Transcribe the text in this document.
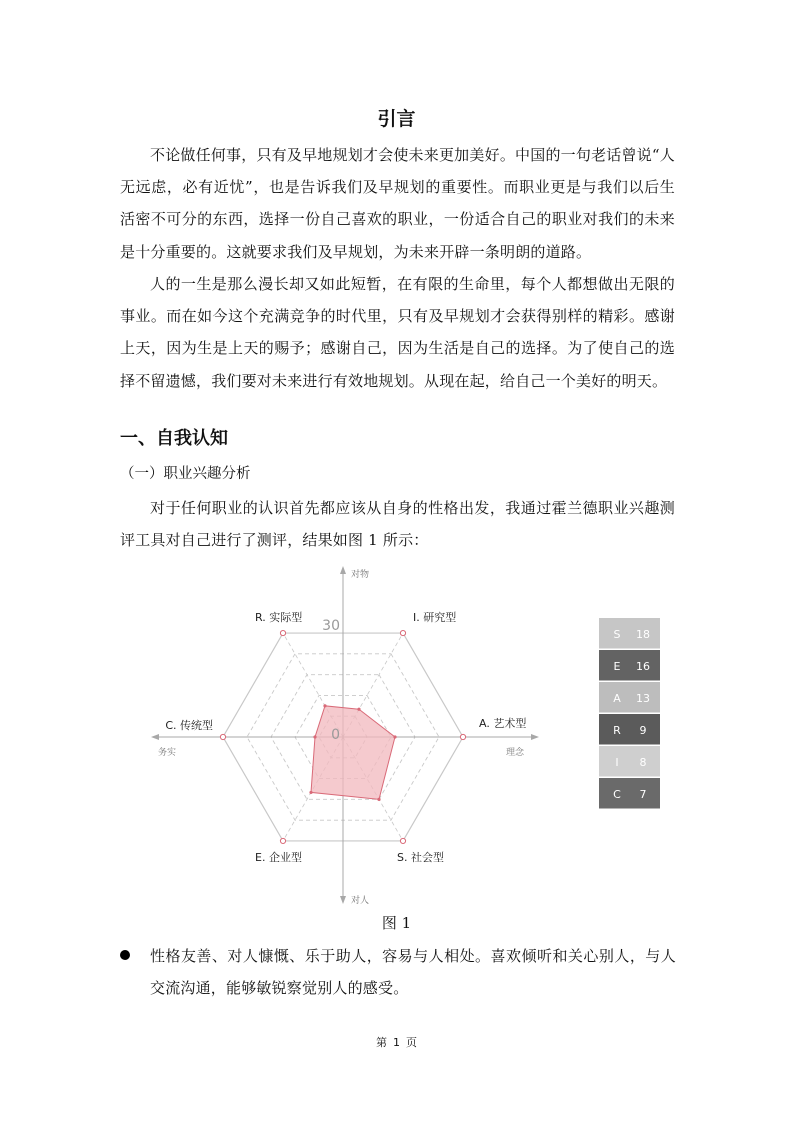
引言
不论做任何事，只有及早地规划才会使未来更加美好。中国的一句老话曾说“人无远虑，必有近忧”，也是告诉我们及早规划的重要性。而职业更是与我们以后生活密不可分的东西，选择一份自己喜欢的职业，一份适合自己的职业对我们的未来是十分重要的。这就要求我们及早规划，为未来开辟一条明朗的道路。
人的一生是那么漫长却又如此短暂，在有限的生命里，每个人都想做出无限的事业。而在如今这个充满竞争的时代里，只有及早规划才会获得别样的精彩。感谢上天，因为生是上天的赐予；感谢自己，因为生活是自己的选择。为了使自己的选择不留遗憾，我们要对未来进行有效地规划。从现在起，给自己一个美好的明天。
一、自我认知
（一）职业兴趣分析
对于任何职业的认识首先都应该从自身的性格出发，我通过霍兰德职业兴趣测评工具对自己进行了测评，结果如图 1 所示：
I. 研究型
A. 艺术型
S. 社会型
E. 企业型
C. 传统型
R. 实际型
30
0
对物
对人
务实	理念
S 18
E 16
A 13
R 9
I 8
C 7
图 1
性格友善、对人慷慨、乐于助人，容易与人相处。喜欢倾听和关心别人，与人交流沟通，能够敏锐察觉别人的感受。
第 1 页
